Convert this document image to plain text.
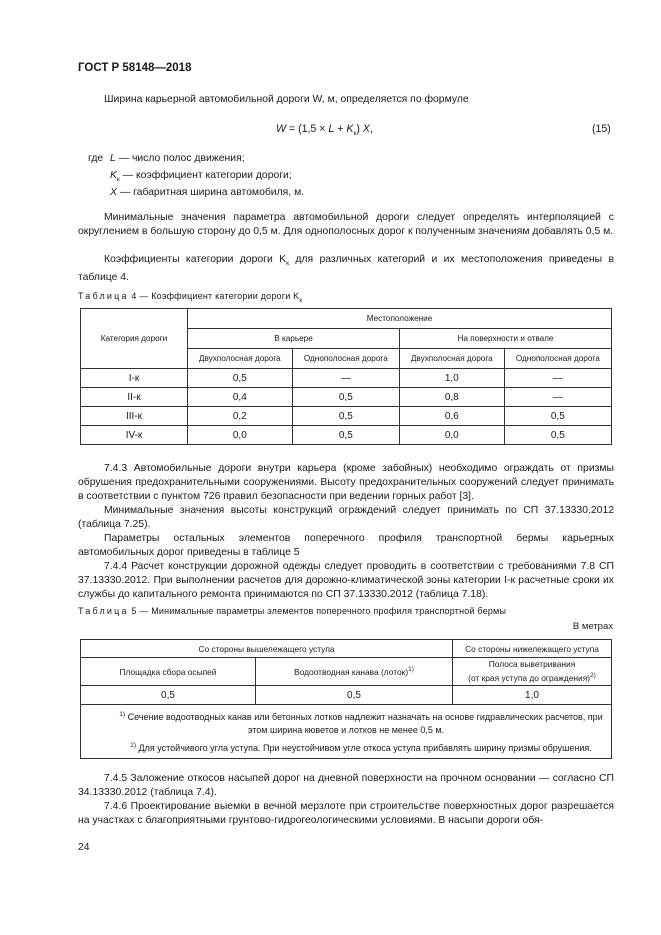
ГОСТ Р 58148—2018
Ширина карьерной автомобильной дороги W, м, определяется по формуле
$W = (1,5 \times L + K_к)$ X,	(15)
где L — число полос движения;
$K_к$ — коэффициент категории дороги;
X — габаритная ширина автомобиля, м.
Минимальные значения параметра автомобильной дороги следует определять интерполяцией с округлением в большую сторону до 0,5 м. Для однополосных дорог к полученным значениям добавлять 0,5 м.
Коэффициенты категории дороги $K_к$ для различных категорий и их местоположения приведены в таблице 4.
Таблица 4 — Коэффициент категории дороги $K_к$
Категория дороги	Местоположение			
	В карьере		На поверхности и отвале	
	Двухполосная дорога	Однополосная дорога	Двухполосная дорога	Однополосная дорога
I-к	0,5	—	1,0	—
II-к	0,4	0,5	0,8	—
III-к	0,2	0,5	0,6	0,5
IV-к	0,0	0,5	0,0	0,5
7.4.3 Автомобильные дороги внутри карьера (кроме забойных) необходимо ограждать от призмы обрушения предохранительными сооружениями. Высоту предохранительных сооружений следует принимать в соответствии с пунктом 726 правил безопасности при ведении горных работ [3].
Минимальные значения высоты конструкций ограждений следует принимать по СП 37.13330.2012 (таблица 7.25).
Параметры остальных элементов поперечного профиля транспортной бермы карьерных автомобильных дорог приведены в таблице 5
7.4.4 Расчет конструкции дорожной одежды следует проводить в соответствии с требованиями 7.8 СП 37.13330.2012. При выполнении расчетов для дорожно-климатической зоны категории I-к расчетные сроки их службы до капитального ремонта принимаются по СП 37.13330.2012 (таблица 7.18).
Таблица 5 — Минимальные параметры элементов поперечного профиля транспортной бермы
В метрах
Со стороны вышележащего уступа		Со стороны нижележащего уступа
Площадка сбора осыпей	Водоотводная канава (лоток)$^{1)}$	Полоса выветривания
(от края уступа до ограждения)$^{2)}$
0,5	0,5	1,0

$^{1)}$ Сечение водоотводных канав или бетонных лотков надлежит назначать на основе гидравлических расчетов, при этом ширина кюветов и лотков не менее 0,5 м.
$^{2)}$ Для устойчивого угла уступа. При неустойчивом угле откоса уступа прибавлять ширину призмы обрушения.		
7.4.5 Заложение откосов насыпей дорог на дневной поверхности на прочном основании — согласно СП 34.13330.2012 (таблица 7.4).
7.4.6 Проектирование выемки в вечной мерзлоте при строительстве поверхностных дорог разрешается на участках с благоприятными грунтово-гидрогеологическими условиями. В насыпи дороги обя-
24
